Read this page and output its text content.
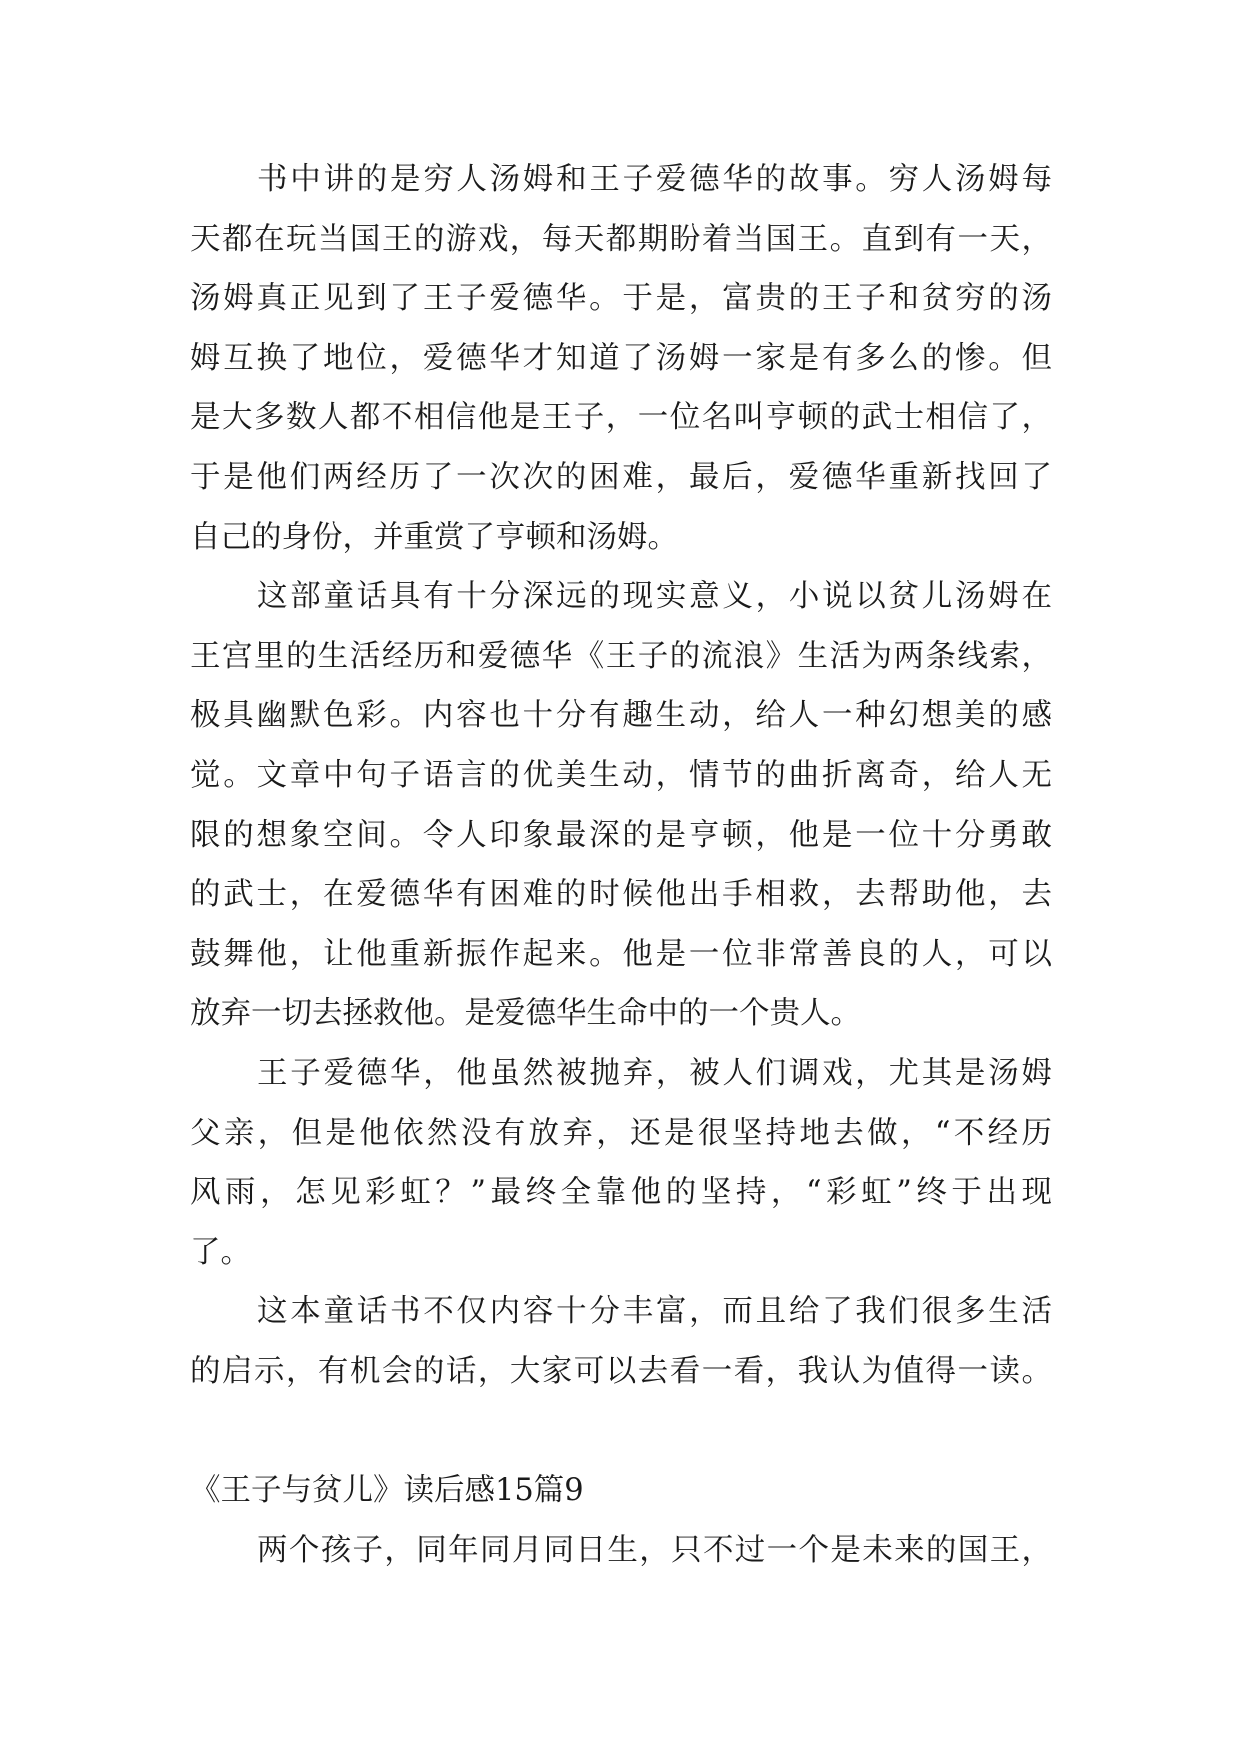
书中讲的是穷人汤姆和王子爱德华的故事。穷人汤姆每
天都在玩当国王的游戏，每天都期盼着当国王。直到有一天，
汤姆真正见到了王子爱德华。于是，富贵的王子和贫穷的汤
姆互换了地位，爱德华才知道了汤姆一家是有多么的惨。但
是大多数人都不相信他是王子，一位名叫亨顿的武士相信了，
于是他们两经历了一次次的困难，最后，爱德华重新找回了
自己的身份，并重赏了亨顿和汤姆。
这部童话具有十分深远的现实意义，小说以贫儿汤姆在
王宫里的生活经历和爱德华《王子的流浪》生活为两条线索，
极具幽默色彩。内容也十分有趣生动，给人一种幻想美的感
觉。文章中句子语言的优美生动，情节的曲折离奇，给人无
限的想象空间。令人印象最深的是亨顿，他是一位十分勇敢
的武士，在爱德华有困难的时候他出手相救，去帮助他，去
鼓舞他，让他重新振作起来。他是一位非常善良的人，可以
放弃一切去拯救他。是爱德华生命中的一个贵人。
王子爱德华，他虽然被抛弃，被人们调戏，尤其是汤姆
父亲，但是他依然没有放弃，还是很坚持地去做，“不经历
风雨，怎见彩虹？”最终全靠他的坚持，“彩虹”终于出现
了。
这本童话书不仅内容十分丰富，而且给了我们很多生活
的启示，有机会的话，大家可以去看一看，我认为值得一读。
《王子与贫儿》读后感15篇9
两个孩子，同年同月同日生，只不过一个是未来的国王，
